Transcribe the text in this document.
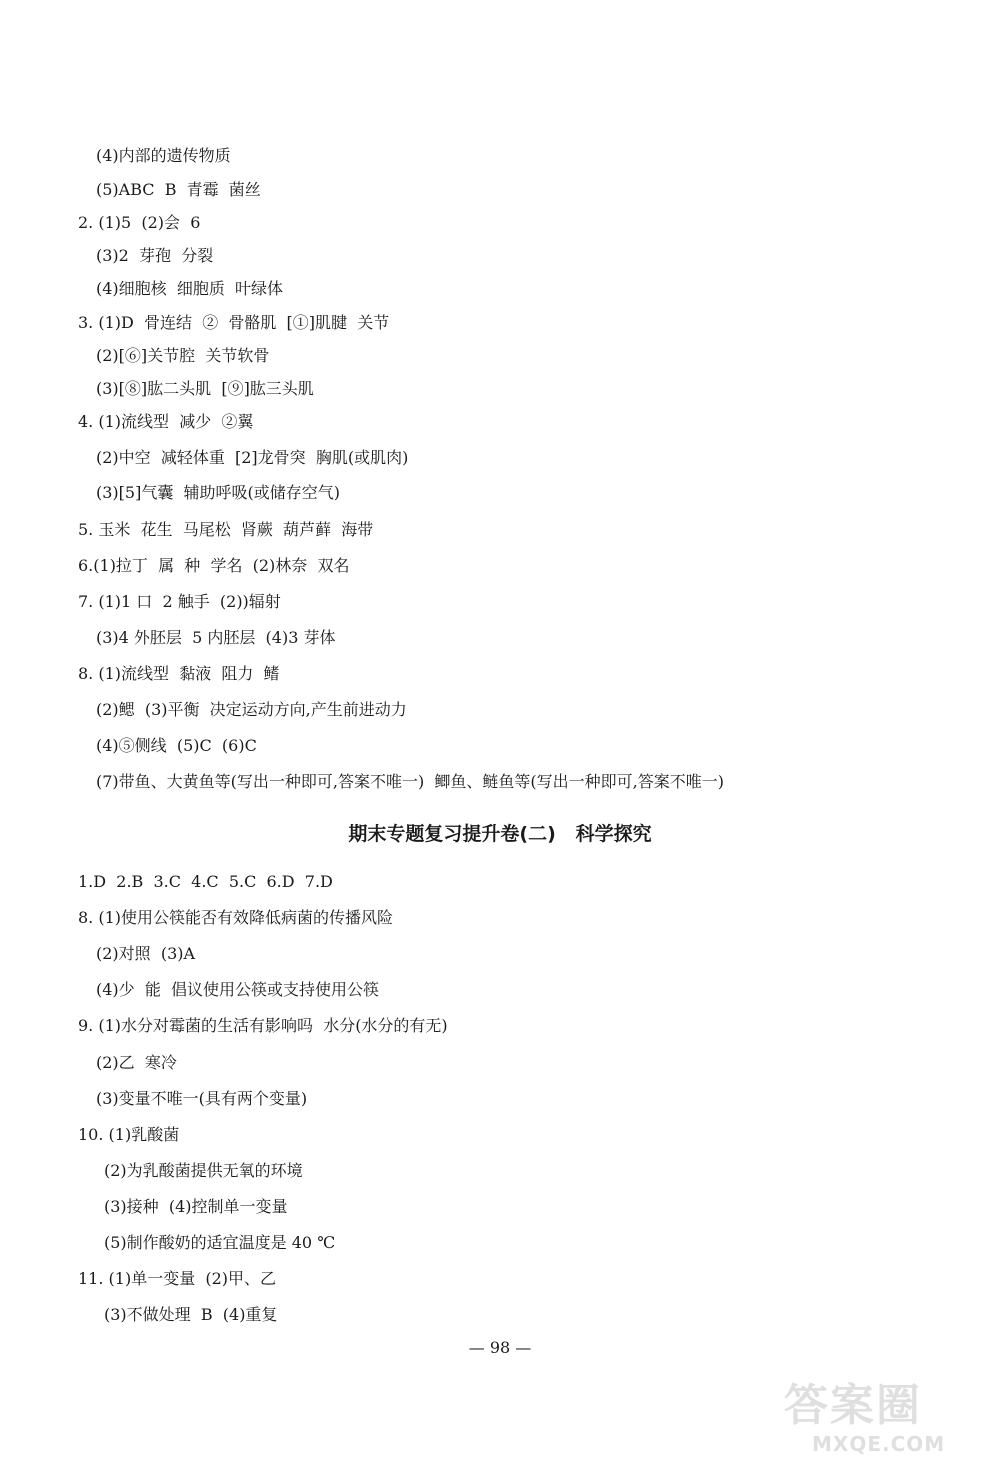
(4)内部的遗传物质
(5)ABC  B  青霉  菌丝
2. (1)5  (2)会  6
(3)2  芽孢  分裂
(4)细胞核  细胞质  叶绿体
3. (1)D  骨连结  ②  骨骼肌  [①]肌腱  关节
(2)[⑥]关节腔  关节软骨
(3)[⑧]肱二头肌  [⑨]肱三头肌
4. (1)流线型  减少  ②翼
(2)中空  减轻体重  [2]龙骨突  胸肌(或肌肉)
(3)[5]气囊  辅助呼吸(或储存空气)
5. 玉米  花生  马尾松  肾蕨  葫芦藓  海带
6.(1)拉丁  属  种  学名  (2)林奈  双名
7. (1)1 口  2 触手  (2))辐射
(3)4 外胚层  5 内胚层  (4)3 芽体
8. (1)流线型  黏液  阻力  鳍
(2)鳃  (3)平衡  决定运动方向,产生前进动力
(4)⑤侧线  (5)C  (6)C
(7)带鱼、大黄鱼等(写出一种即可,答案不唯一)  鲫鱼、鲢鱼等(写出一种即可,答案不唯一)
期末专题复习提升卷(二)   科学探究
1.D  2.B  3.C  4.C  5.C  6.D  7.D
8. (1)使用公筷能否有效降低病菌的传播风险
(2)对照  (3)A
(4)少  能  倡议使用公筷或支持使用公筷
9. (1)水分对霉菌的生活有影响吗  水分(水分的有无)
(2)乙  寒冷
(3)变量不唯一(具有两个变量)
10. (1)乳酸菌
(2)为乳酸菌提供无氧的环境
(3)接种  (4)控制单一变量
(5)制作酸奶的适宜温度是 40 ℃
11. (1)单一变量  (2)甲、乙
(3)不做处理  B  (4)重复
— 98 —
答案圈
MXQE.COM
